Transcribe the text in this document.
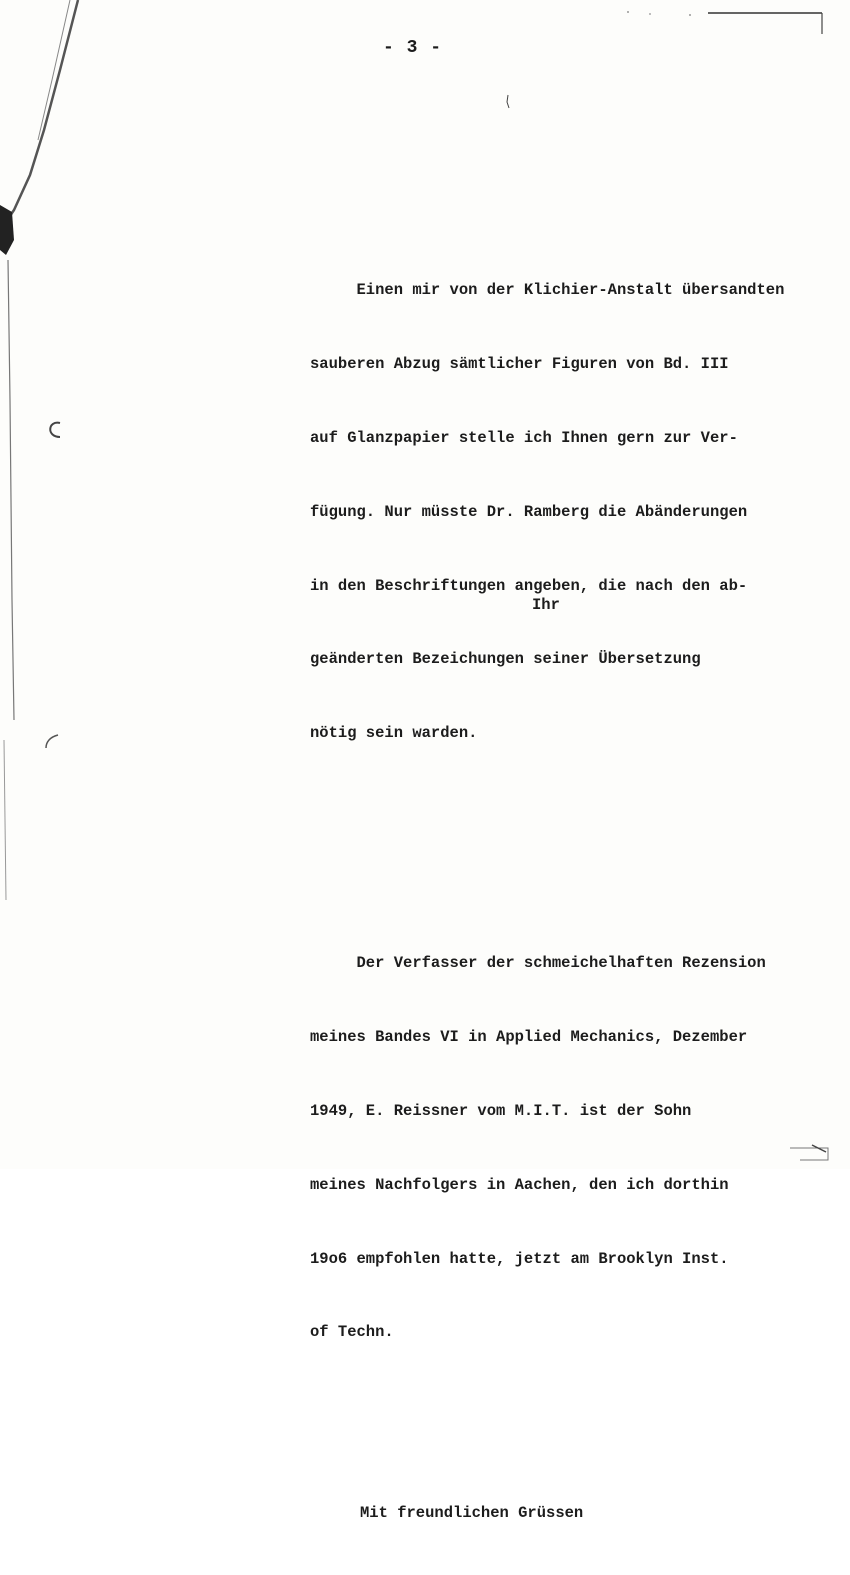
- 3 -

Einen mir von der Klichier-Anstalt übersandten

sauberen Abzug sämtlicher Figuren von Bd. III

auf Glanzpapier stelle ich Ihnen gern zur Ver-

fügung. Nur müsste Dr. Ramberg die Abänderungen

in den Beschriftungen angeben, die nach den ab-

geänderten Bezeichungen seiner Übersetzung

nötig sein warden.

Der Verfasser der schmeichelhaften Rezension

meines Bandes VI in Applied Mechanics, Dezember

1949, E. Reissner vom M.I.T. ist der Sohn

meines Nachfolgers in Aachen, den ich dorthin

19o6 empfohlen hatte, jetzt am Brooklyn Inst.

of Techn.

Mit freundlichen Grüssen

Ihr
